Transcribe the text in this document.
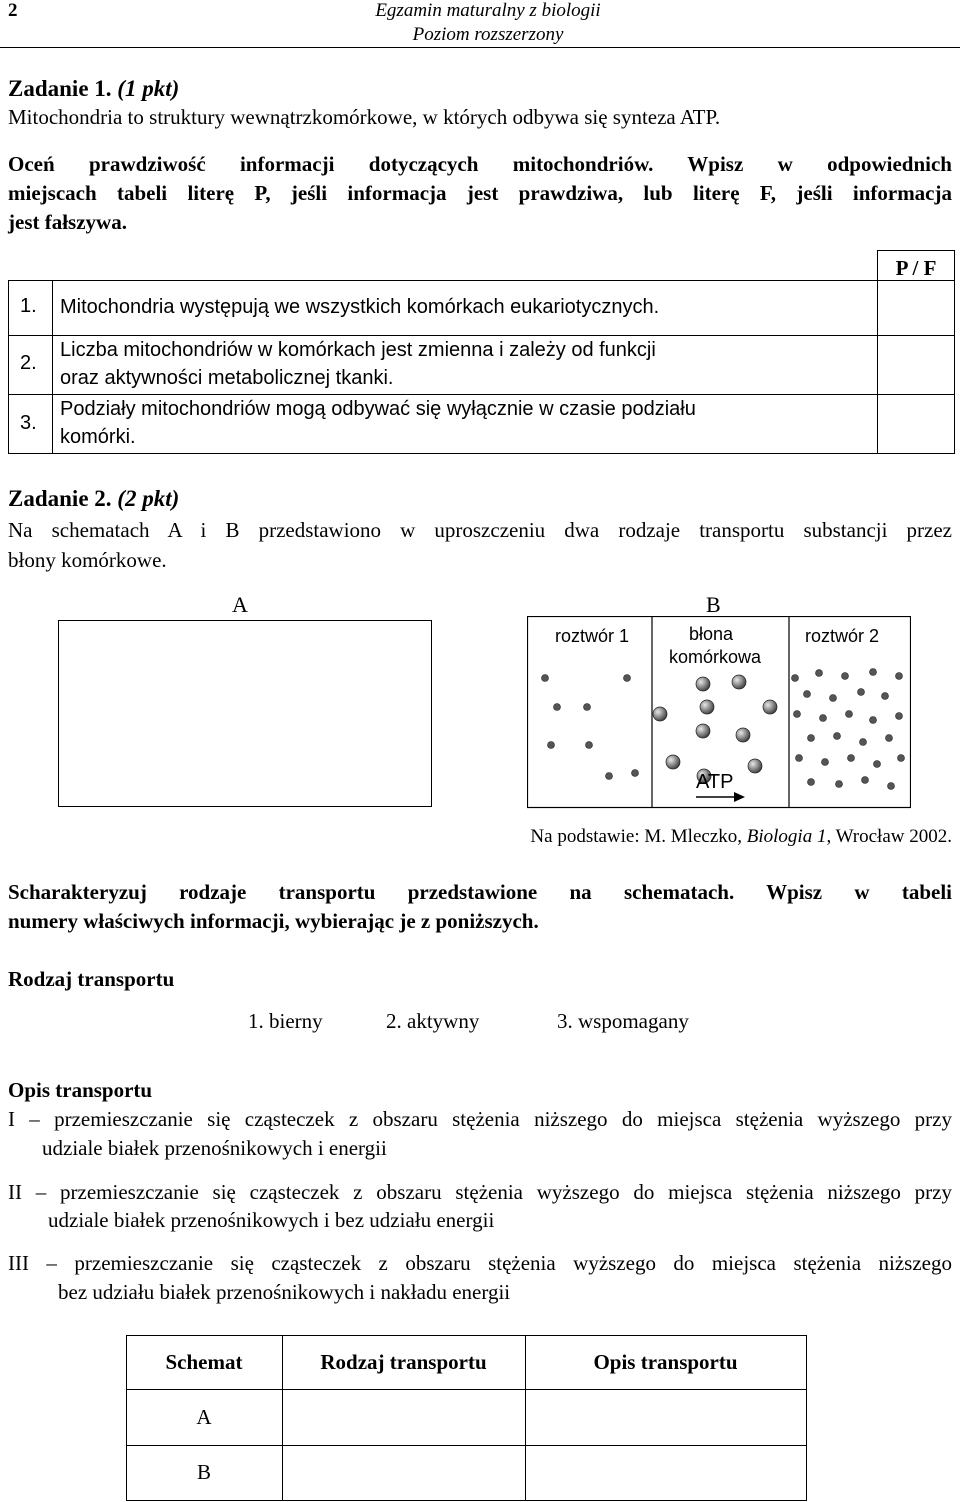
2	Egzamin maturalny z biologii
Poziom rozszerzony
Zadanie 1. (1 pkt)
Mitochondria to struktury wewnątrzkomórkowe, w których odbywa się synteza ATP.
Oceń prawdziwość informacji dotyczących mitochondriów. Wpisz w odpowiednich
miejscach tabeli literę P, jeśli informacja jest prawdziwa, lub literę F, jeśli informacja
jest fałszywa.
P / F
1. Mitochondria występują we wszystkich komórkach eukariotycznych.
2.
Liczba mitochondriów w komórkach jest zmienna i zależy od funkcji
oraz aktywności metabolicznej tkanki.
3.
Podziały mitochondriów mogą odbywać się wyłącznie w czasie podziału
komórki.
Zadanie 2. (2 pkt)
Na schematach A i B przedstawiono w uproszczeniu dwa rodzaje transportu substancji przez
błony komórkowe.
A	B
roztwór 1	błona
komórkowa
roztwór 2
ATP
Na podstawie: M. Mleczko, Biologia 1, Wrocław 2002.
Scharakteryzuj rodzaje transportu przedstawione na schematach. Wpisz w tabeli
numery właściwych informacji, wybierając je z poniższych.
Rodzaj transportu
1. bierny	2. aktywny	3. wspomagany
Opis transportu
I – przemieszczanie się cząsteczek z obszaru stężenia niższego do miejsca stężenia wyższego przy
udziale białek przenośnikowych i energii
II – przemieszczanie się cząsteczek z obszaru stężenia wyższego do miejsca stężenia niższego przy
udziale białek przenośnikowych i bez udziału energii
III – przemieszczanie się cząsteczek z obszaru stężenia wyższego do miejsca stężenia niższego
bez udziału białek przenośnikowych i nakładu energii
Schemat	Rodzaj transportu	Opis transportu
A
B
